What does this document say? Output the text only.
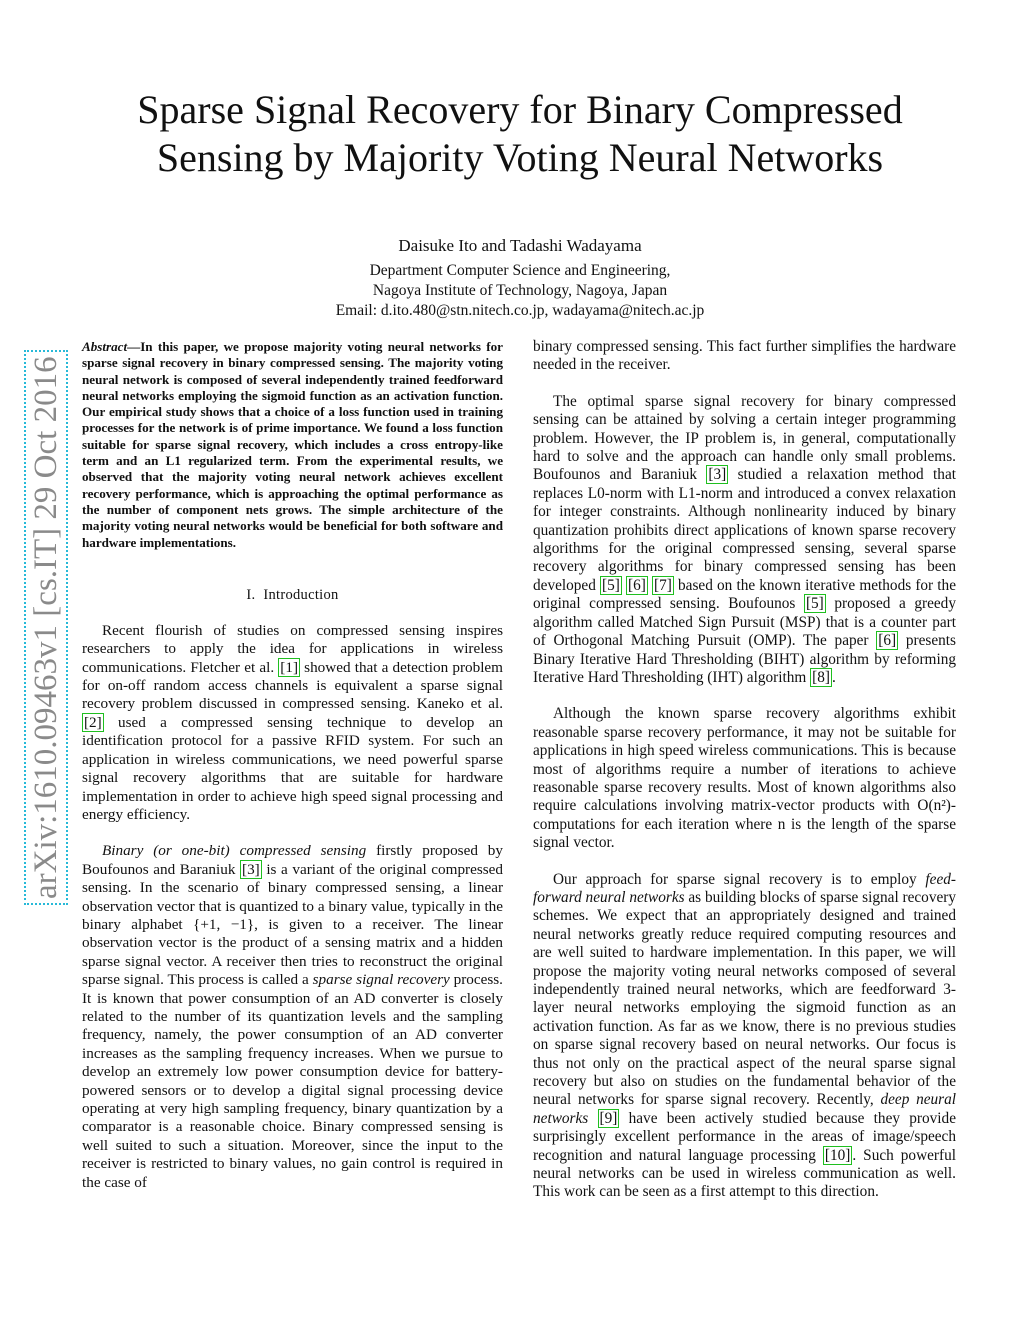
Sparse Signal Recovery for Binary Compressed Sensing by Majority Voting Neural Networks
Daisuke Ito and Tadashi Wadayama
Department Computer Science and Engineering,
Nagoya Institute of Technology, Nagoya, Japan
Email: d.ito.480@stn.nitech.co.jp, wadayama@nitech.ac.jp
arXiv:1610.09463v1 [cs.IT] 29 Oct 2016

Abstract—In this paper, we propose majority voting neural networks for sparse signal recovery in binary compressed sensing. The majority voting neural network is composed of several independently trained feedforward neural networks employing the sigmoid function as an activation function. Our empirical study shows that a choice of a loss function used in training processes for the network is of prime importance. We found a loss function suitable for sparse signal recovery, which includes a cross entropy-like term and an L1 regularized term. From the experimental results, we observed that the majority voting neural network achieves excellent recovery performance, which is approaching the optimal performance as the number of component nets grows. The simple architecture of the majority voting neural networks would be beneficial for both software and hardware implementations.

I. Introduction

Recent flourish of studies on compressed sensing inspires researchers to apply the idea for applications in wireless communications. Fletcher et al. [1] showed that a detection problem for on-off random access channels is equivalent a sparse signal recovery problem discussed in compressed sensing. Kaneko et al. [2] used a compressed sensing technique to develop an identification protocol for a passive RFID system. For such an application in wireless communications, we need powerful sparse signal recovery algorithms that are suitable for hardware implementation in order to achieve high speed signal processing and energy efficiency.

Binary (or one-bit) compressed sensing firstly proposed by Boufounos and Baraniuk [3] is a variant of the original compressed sensing. In the scenario of binary compressed sensing, a linear observation vector that is quantized to a binary value, typically in the binary alphabet {+1, −1}, is given to a receiver. The linear observation vector is the product of a sensing matrix and a hidden sparse signal vector. A receiver then tries to reconstruct the original sparse signal. This process is called a sparse signal recovery process. It is known that power consumption of an AD converter is closely related to the number of its quantization levels and the sampling frequency, namely, the power consumption of an AD converter increases as the sampling frequency increases. When we pursue to develop an extremely low power consumption device for battery-powered sensors or to develop a digital signal processing device operating at very high sampling frequency, binary quantization by a comparator is a reasonable choice. Binary compressed sensing is well suited to such a situation. Moreover, since the input to the receiver is restricted to binary values, no gain control is required in the case of

binary compressed sensing. This fact further simplifies the hardware needed in the receiver.

The optimal sparse signal recovery for binary compressed sensing can be attained by solving a certain integer programming problem. However, the IP problem is, in general, computationally hard to solve and the approach can handle only small problems. Boufounos and Baraniuk [3] studied a relaxation method that replaces L0-norm with L1-norm and introduced a convex relaxation for integer constraints. Although nonlinearity induced by binary quantization prohibits direct applications of known sparse recovery algorithms for the original compressed sensing, several sparse recovery algorithms for binary compressed sensing has been developed [5] [6] [7] based on the known iterative methods for the original compressed sensing. Boufounos [5] proposed a greedy algorithm called Matched Sign Pursuit (MSP) that is a counter part of Orthogonal Matching Pursuit (OMP). The paper [6] presents Binary Iterative Hard Thresholding (BIHT) algorithm by reforming Iterative Hard Thresholding (IHT) algorithm [8] .

Although the known sparse recovery algorithms exhibit reasonable sparse recovery performance, it may not be suitable for applications in high speed wireless communications. This is because most of algorithms require a number of iterations to achieve reasonable sparse recovery results. Most of known algorithms also require calculations involving matrix-vector products with O(n²)-computations for each iteration where n is the length of the sparse signal vector.

Our approach for sparse signal recovery is to employ feed-forward neural networks as building blocks of sparse signal recovery schemes. We expect that an appropriately designed and trained neural networks greatly reduce required computing resources and are well suited to hardware implementation. In this paper, we will propose the majority voting neural networks composed of several independently trained neural networks, which are feedforward 3-layer neural networks employing the sigmoid function as an activation function. As far as we know, there is no previous studies on sparse signal recovery based on neural networks. Our focus is thus not only on the practical aspect of the neural sparse signal recovery but also on studies on the fundamental behavior of the neural networks for sparse signal recovery. Recently, deep neural networks [9] have been actively studied because they provide surprisingly excellent performance in the areas of image/speech recognition and natural language processing [10] . Such powerful neural networks can be used in wireless communication as well. This work can be seen as a first attempt to this direction.
